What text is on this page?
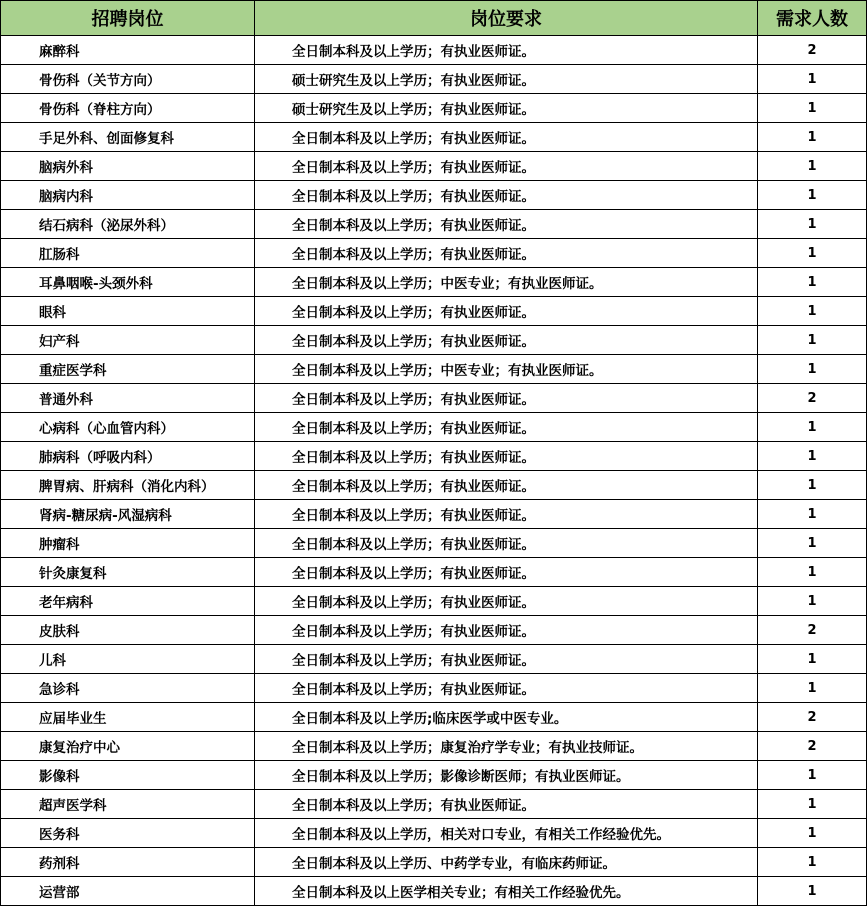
招聘岗位	岗位要求	需求人数
麻醉科	全日制本科及以上学历；有执业医师证。	2
骨伤科（关节方向）	硕士研究生及以上学历；有执业医师证。	1
骨伤科（脊柱方向）	硕士研究生及以上学历；有执业医师证。	1
手足外科、创面修复科	全日制本科及以上学历；有执业医师证。	1
脑病外科	全日制本科及以上学历；有执业医师证。	1
脑病内科	全日制本科及以上学历；有执业医师证。	1
结石病科（泌尿外科）	全日制本科及以上学历；有执业医师证。	1
肛肠科	全日制本科及以上学历；有执业医师证。	1
耳鼻咽喉-头颈外科	全日制本科及以上学历；中医专业；有执业医师证。	1
眼科	全日制本科及以上学历；有执业医师证。	1
妇产科	全日制本科及以上学历；有执业医师证。	1
重症医学科	全日制本科及以上学历；中医专业；有执业医师证。	1
普通外科	全日制本科及以上学历；有执业医师证。	2
心病科（心血管内科）	全日制本科及以上学历；有执业医师证。	1
肺病科（呼吸内科）	全日制本科及以上学历；有执业医师证。	1
脾胃病、肝病科（消化内科）	全日制本科及以上学历；有执业医师证。	1
肾病-糖尿病-风湿病科	全日制本科及以上学历；有执业医师证。	1
肿瘤科	全日制本科及以上学历；有执业医师证。	1
针灸康复科	全日制本科及以上学历；有执业医师证。	1
老年病科	全日制本科及以上学历；有执业医师证。	1
皮肤科	全日制本科及以上学历；有执业医师证。	2
儿科	全日制本科及以上学历；有执业医师证。	1
急诊科	全日制本科及以上学历；有执业医师证。	1
应届毕业生	全日制本科及以上学历;临床医学或中医专业。	2
康复治疗中心	全日制本科及以上学历；康复治疗学专业；有执业技师证。	2
影像科	全日制本科及以上学历；影像诊断医师；有执业医师证。	1
超声医学科	全日制本科及以上学历；有执业医师证。	1
医务科	全日制本科及以上学历，相关对口专业，有相关工作经验优先。	1
药剂科	全日制本科及以上学历、中药学专业，有临床药师证。	1
运营部	全日制本科及以上医学相关专业；有相关工作经验优先。	1
